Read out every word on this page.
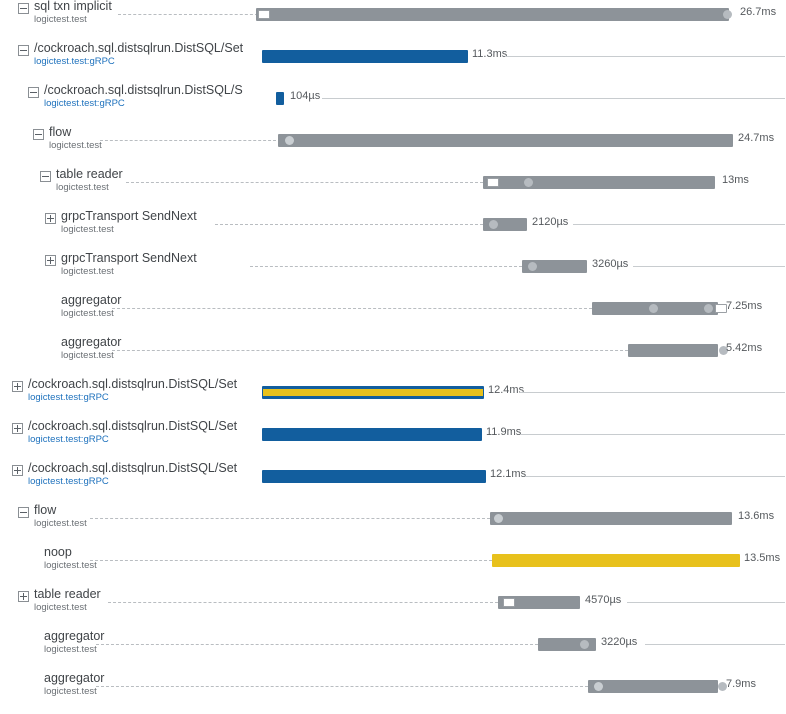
sql txn implicit
logictest.test
26.7ms
/cockroach.sql.distsqlrun.DistSQL/Set
logictest.test:gRPC
11.3ms
/cockroach.sql.distsqlrun.DistSQL/S
logictest.test:gRPC
104µs
flow
logictest.test
24.7ms
table reader
logictest.test
13ms
grpcTransport SendNext
logictest.test
2120µs
grpcTransport SendNext
logictest.test
3260µs
aggregator
logictest.test
7.25ms
aggregator
logictest.test
5.42ms
/cockroach.sql.distsqlrun.DistSQL/Set
logictest.test:gRPC
12.4ms
/cockroach.sql.distsqlrun.DistSQL/Set
logictest.test:gRPC
11.9ms
/cockroach.sql.distsqlrun.DistSQL/Set
logictest.test:gRPC
12.1ms
flow
logictest.test
13.6ms
noop
logictest.test
13.5ms
table reader
logictest.test
4570µs
aggregator
logictest.test
3220µs
aggregator
logictest.test
7.9ms
